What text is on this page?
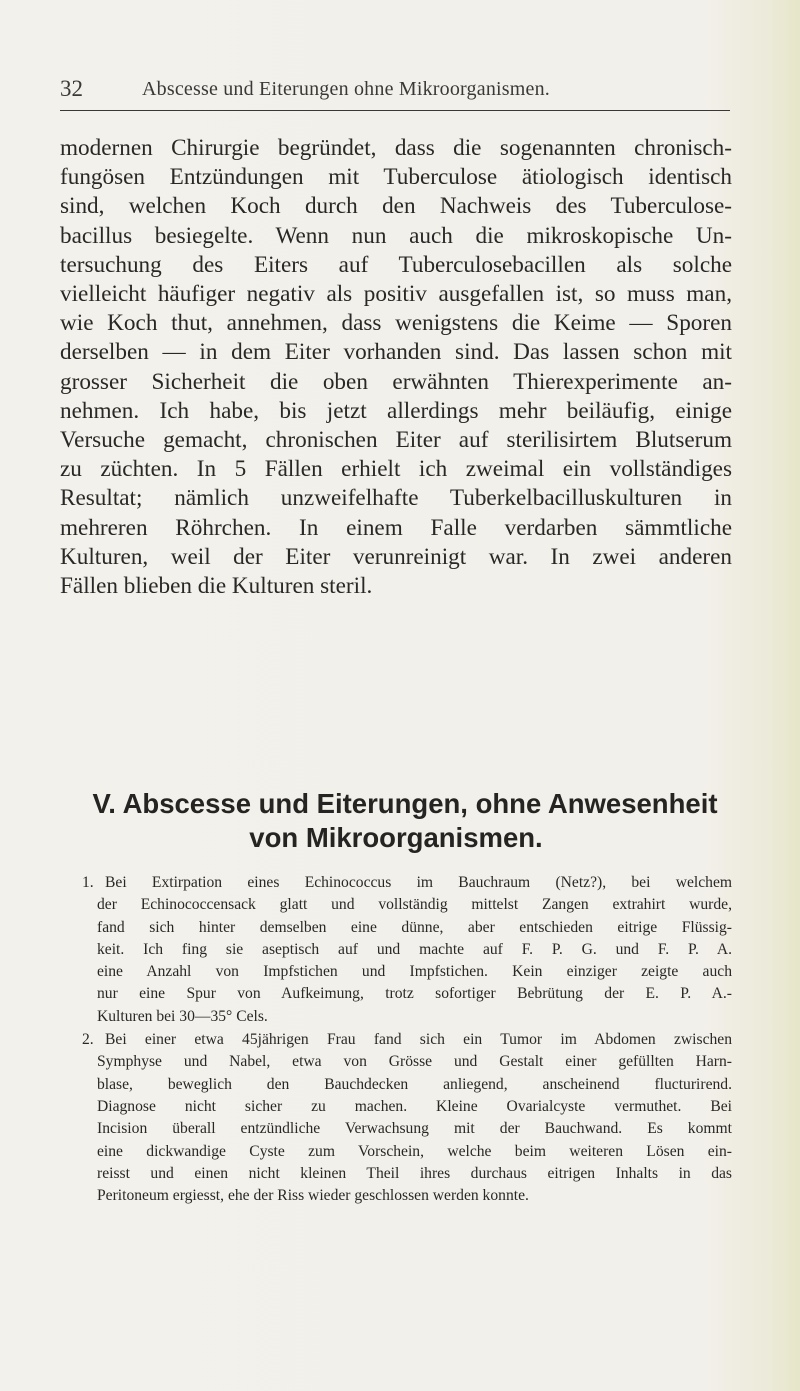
32	Abscesse und Eiterungen ohne Mikroorganismen.
modernen Chirurgie begründet, dass die sogenannten chronisch-
fungösen Entzündungen mit Tuberculose ätiologisch identisch
sind, welchen Koch durch den Nachweis des Tuberculose-
bacillus besiegelte. Wenn nun auch die mikroskopische Un-
tersuchung des Eiters auf Tuberculosebacillen als solche
vielleicht häufiger negativ als positiv ausgefallen ist, so muss man,
wie Koch thut, annehmen, dass wenigstens die Keime — Sporen
derselben — in dem Eiter vorhanden sind. Das lassen schon mit
grosser Sicherheit die oben erwähnten Thierexperimente an-
nehmen. Ich habe, bis jetzt allerdings mehr beiläufig, einige
Versuche gemacht, chronischen Eiter auf sterilisirtem Blutserum
zu züchten. In 5 Fällen erhielt ich zweimal ein vollständiges
Resultat; nämlich unzweifelhafte Tuberkelbacilluskulturen in
mehreren Röhrchen. In einem Falle verdarben sämmtliche
Kulturen, weil der Eiter verunreinigt war. In zwei anderen
Fällen blieben die Kulturen steril.
V. Abscesse und Eiterungen, ohne Anwesenheit
von Mikroorganismen.
1. Bei Extirpation eines Echinococcus im Bauchraum (Netz?), bei welchem
der Echinococcensack glatt und vollständig mittelst Zangen extrahirt wurde,
fand sich hinter demselben eine dünne, aber entschieden eitrige Flüssig-
keit. Ich fing sie aseptisch auf und machte auf F. P. G. und F. P. A.
eine Anzahl von Impfstichen und Impfstichen. Kein einziger zeigte auch
nur eine Spur von Aufkeimung, trotz sofortiger Bebrütung der E. P. A.-
Kulturen bei 30—35° Cels.
2. Bei einer etwa 45jährigen Frau fand sich ein Tumor im Abdomen zwischen
Symphyse und Nabel, etwa von Grösse und Gestalt einer gefüllten Harn-
blase, beweglich den Bauchdecken anliegend, anscheinend flucturirend.
Diagnose nicht sicher zu machen. Kleine Ovarialcyste vermuthet. Bei
Incision überall entzündliche Verwachsung mit der Bauchwand. Es kommt
eine dickwandige Cyste zum Vorschein, welche beim weiteren Lösen ein-
reisst und einen nicht kleinen Theil ihres durchaus eitrigen Inhalts in das
Peritoneum ergiesst, ehe der Riss wieder geschlossen werden konnte.
